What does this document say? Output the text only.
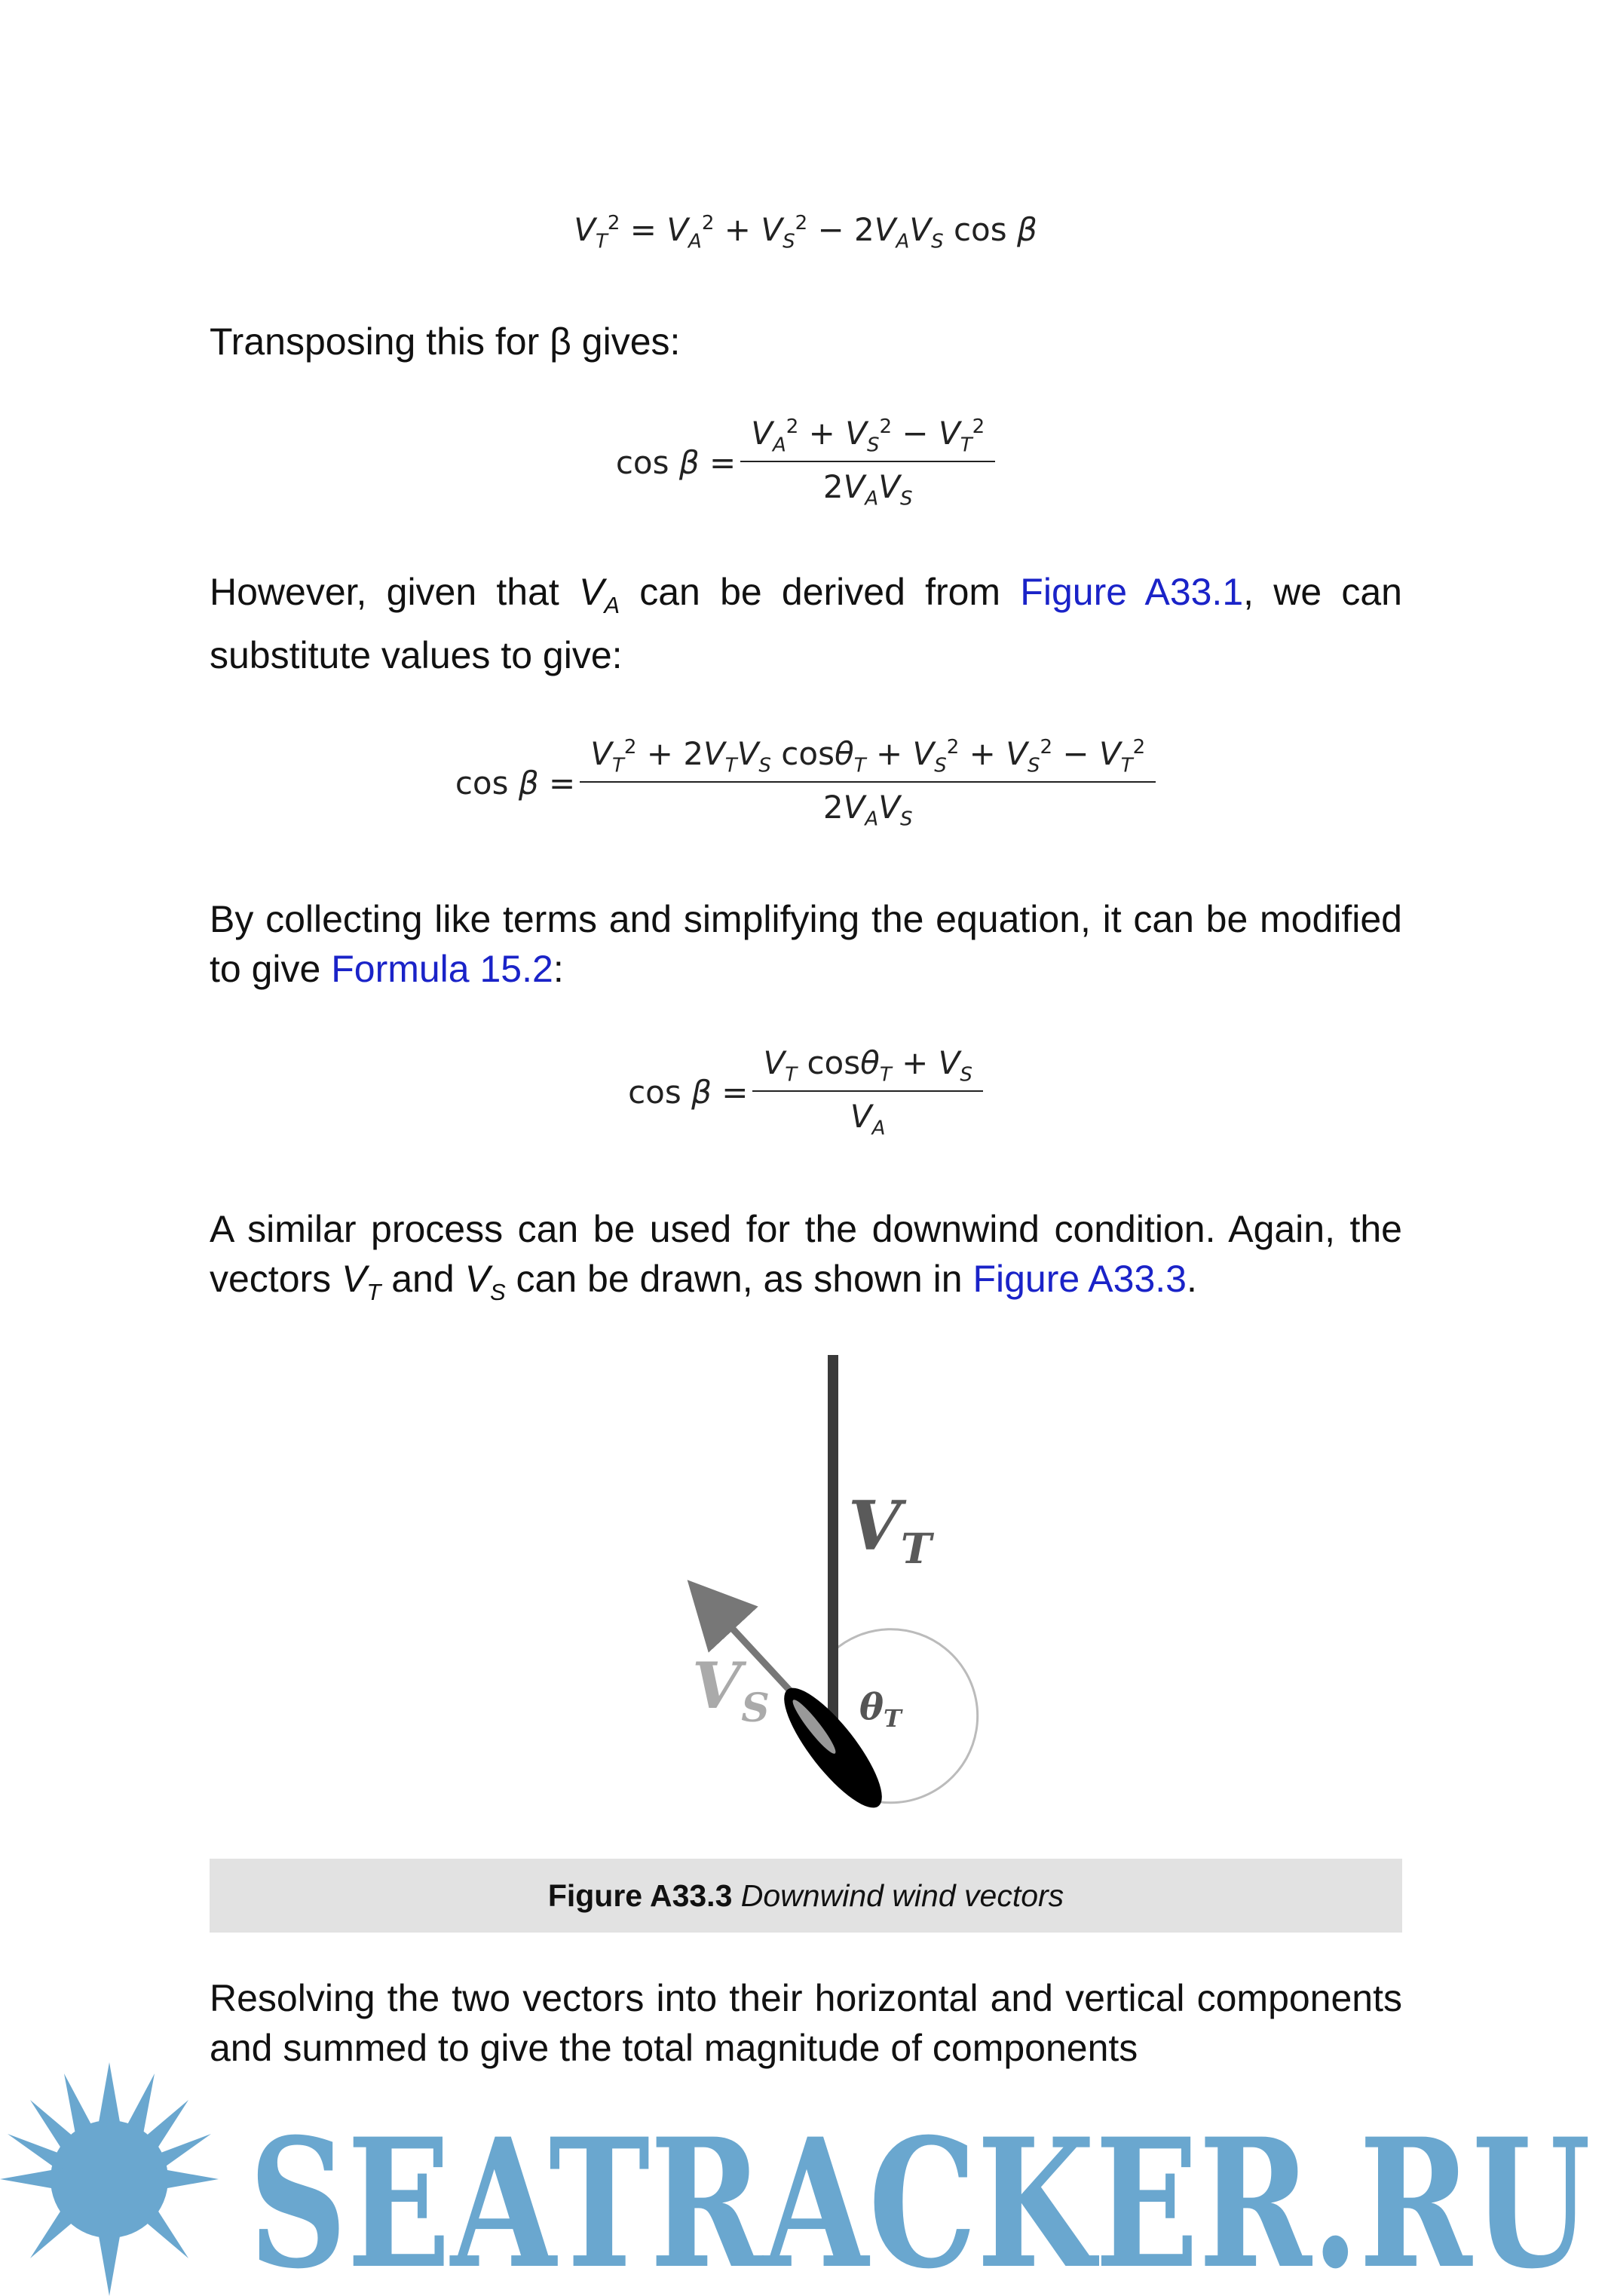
$V_T^2 = V_A^2 + V_S^2 - 2V_AV_S$ cos β
Transposing this for β gives:
$\cos \beta = \frac{V_A^2 + V_S^2 - V_T^2}{2V_AV_S}$
However, given that $V_A$ can be derived from Figure A33.1, we can substitute values to give:
$\cos \beta = \frac{V_T^2 + 2V_TV_S \cos\theta_T + V_S^2 + V_S^2 - V_T^2}{2V_AV_S}$
By collecting like terms and simplifying the equation, it can be modified to give Formula 15.2:
$\cos \beta = \frac{V_T \cos\theta_T + V_S}{V_A}$
A similar process can be used for the downwind condition. Again, the vectors $V_T$ and $V_S$ can be drawn, as shown in Figure A33.3.
$V_T$
$V_S$ $\theta_T$
Figure A33.3 Downwind wind vectors
Resolving the two vectors into their horizontal and vertical components and summed to give the total magnitude of components
SEATRACKER.RU
